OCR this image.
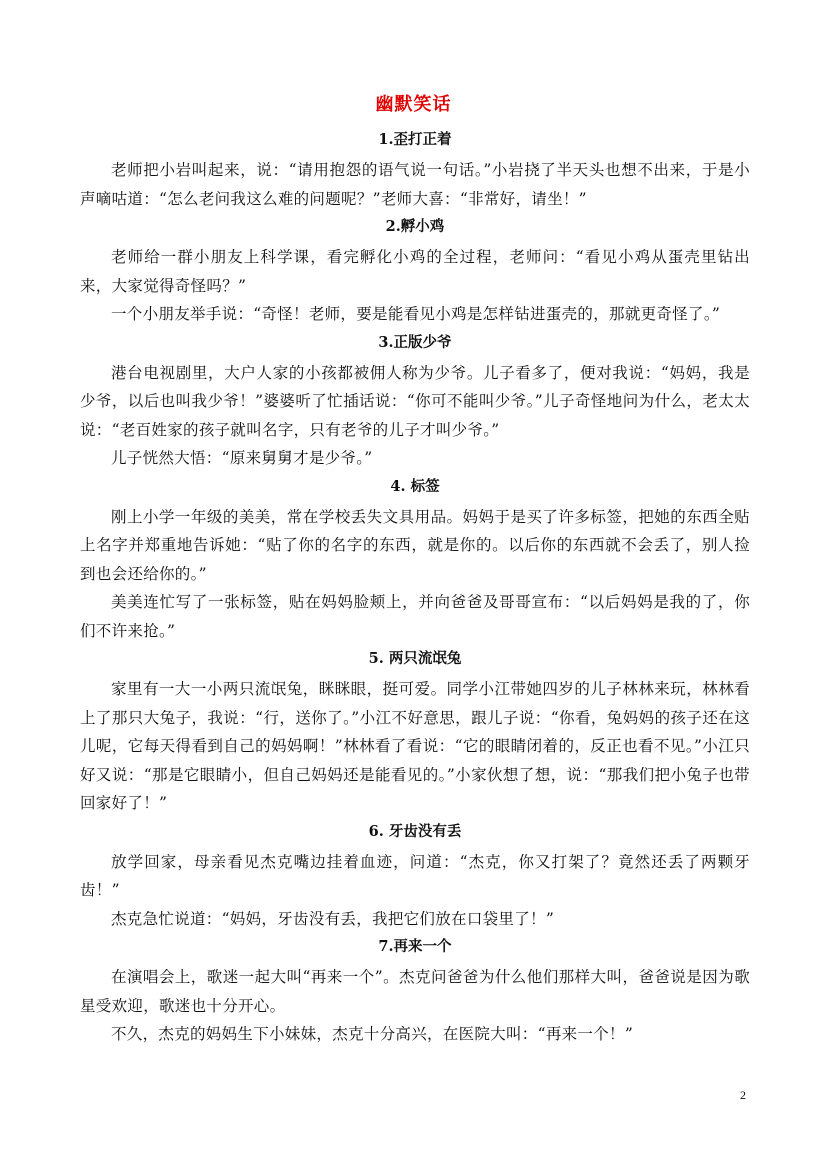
幽默笑话
1.歪打正着

老师把小岩叫起来，说：“请用抱怨的语气说一句话。”小岩挠了半天头也想不出来，于是小声嘀咕道：“怎么老问我这么难的问题呢？”老师大喜：“非常好，请坐！”

2.孵小鸡

老师给一群小朋友上科学课，看完孵化小鸡的全过程，老师问：“看见小鸡从蛋壳里钻出来，大家觉得奇怪吗？”

一个小朋友举手说：“奇怪！老师，要是能看见小鸡是怎样钻进蛋壳的，那就更奇怪了。”

3.正版少爷

港台电视剧里，大户人家的小孩都被佣人称为少爷。儿子看多了，便对我说：“妈妈，我是少爷，以后也叫我少爷！”婆婆听了忙插话说：“你可不能叫少爷。”儿子奇怪地问为什么，老太太说：“老百姓家的孩子就叫名字，只有老爷的儿子才叫少爷。”

儿子恍然大悟：“原来舅舅才是少爷。”

4. 标签

刚上小学一年级的美美，常在学校丢失文具用品。妈妈于是买了许多标签，把她的东西全贴上名字并郑重地告诉她：“贴了你的名字的东西，就是你的。以后你的东西就不会丢了，别人捡到也会还给你的。”

美美连忙写了一张标签，贴在妈妈脸颊上，并向爸爸及哥哥宣布：“以后妈妈是我的了，你们不许来抢。”

5. 两只流氓兔

家里有一大一小两只流氓兔，眯眯眼，挺可爱。同学小江带她四岁的儿子林林来玩，林林看上了那只大兔子，我说：“行，送你了。”小江不好意思，跟儿子说：“你看，兔妈妈的孩子还在这儿呢，它每天得看到自己的妈妈啊！”林林看了看说：“它的眼睛闭着的，反正也看不见。”小江只好又说：“那是它眼睛小，但自己妈妈还是能看见的。”小家伙想了想，说：“那我们把小兔子也带回家好了！”

6. 牙齿没有丢

放学回家，母亲看见杰克嘴边挂着血迹，问道：“杰克，你又打架了？竟然还丢了两颗牙齿！”

杰克急忙说道：“妈妈，牙齿没有丢，我把它们放在口袋里了！”

7.再来一个

在演唱会上，歌迷一起大叫“再来一个”。杰克问爸爸为什么他们那样大叫，爸爸说是因为歌星受欢迎，歌迷也十分开心。

不久，杰克的妈妈生下小妹妹，杰克十分高兴，在医院大叫：“再来一个！”

2
